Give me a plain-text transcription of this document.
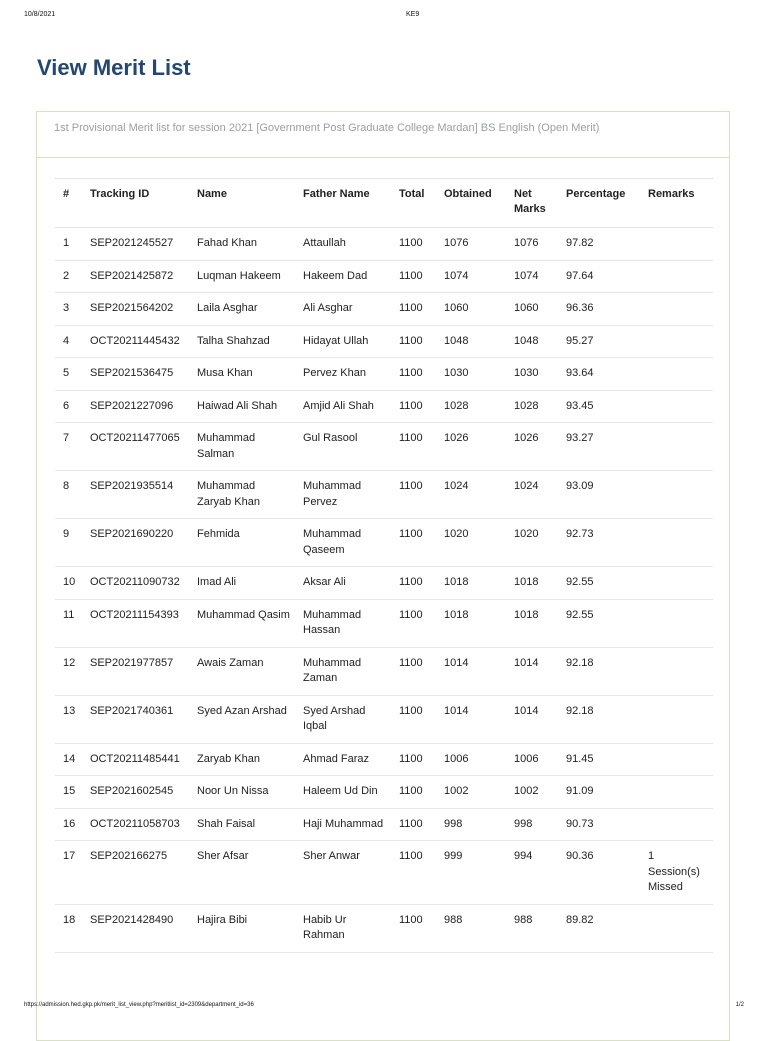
10/8/2021	KE9
View Merit List
1st Provisional Merit list for session 2021 [Government Post Graduate College Mardan] BS English (Open Merit)
#	Tracking ID	Name	Father Name	Total	Obtained	Net Marks	Percentage	Remarks
1	SEP2021245527	Fahad Khan	Attaullah	1100	1076	1076	97.82	
2	SEP2021425872	Luqman Hakeem	Hakeem Dad	1100	1074	1074	97.64	
3	SEP2021564202	Laila Asghar	Ali Asghar	1100	1060	1060	96.36	
4	OCT20211445432	Talha Shahzad	Hidayat Ullah	1100	1048	1048	95.27	
5	SEP2021536475	Musa Khan	Pervez Khan	1100	1030	1030	93.64	
6	SEP2021227096	Haiwad Ali Shah	Amjid Ali Shah	1100	1028	1028	93.45	
7	OCT20211477065	Muhammad Salman	Gul Rasool	1100	1026	1026	93.27	
8	SEP2021935514	Muhammad Zaryab Khan	Muhammad Pervez	1100	1024	1024	93.09	
9	SEP2021690220	Fehmida	Muhammad Qaseem	1100	1020	1020	92.73	
10	OCT20211090732	Imad Ali	Aksar Ali	1100	1018	1018	92.55	
11	OCT20211154393	Muhammad Qasim	Muhammad Hassan	1100	1018	1018	92.55	
12	SEP2021977857	Awais Zaman	Muhammad Zaman	1100	1014	1014	92.18	
13	SEP2021740361	Syed Azan Arshad	Syed Arshad Iqbal	1100	1014	1014	92.18	
14	OCT20211485441	Zaryab Khan	Ahmad Faraz	1100	1006	1006	91.45	
15	SEP2021602545	Noor Un Nissa	Haleem Ud Din	1100	1002	1002	91.09	
16	OCT20211058703	Shah Faisal	Haji Muhammad	1100	998	998	90.73	
17	SEP202166275	Sher Afsar	Sher Anwar	1100	999	994	90.36	1 Session(s) Missed
18	SEP2021428490	Hajira Bibi	Habib Ur Rahman	1100	988	988	89.82	
https://admission.hed.gkp.pk/merit_list_view.php?meritlist_id=2309&department_id=36	1/2
